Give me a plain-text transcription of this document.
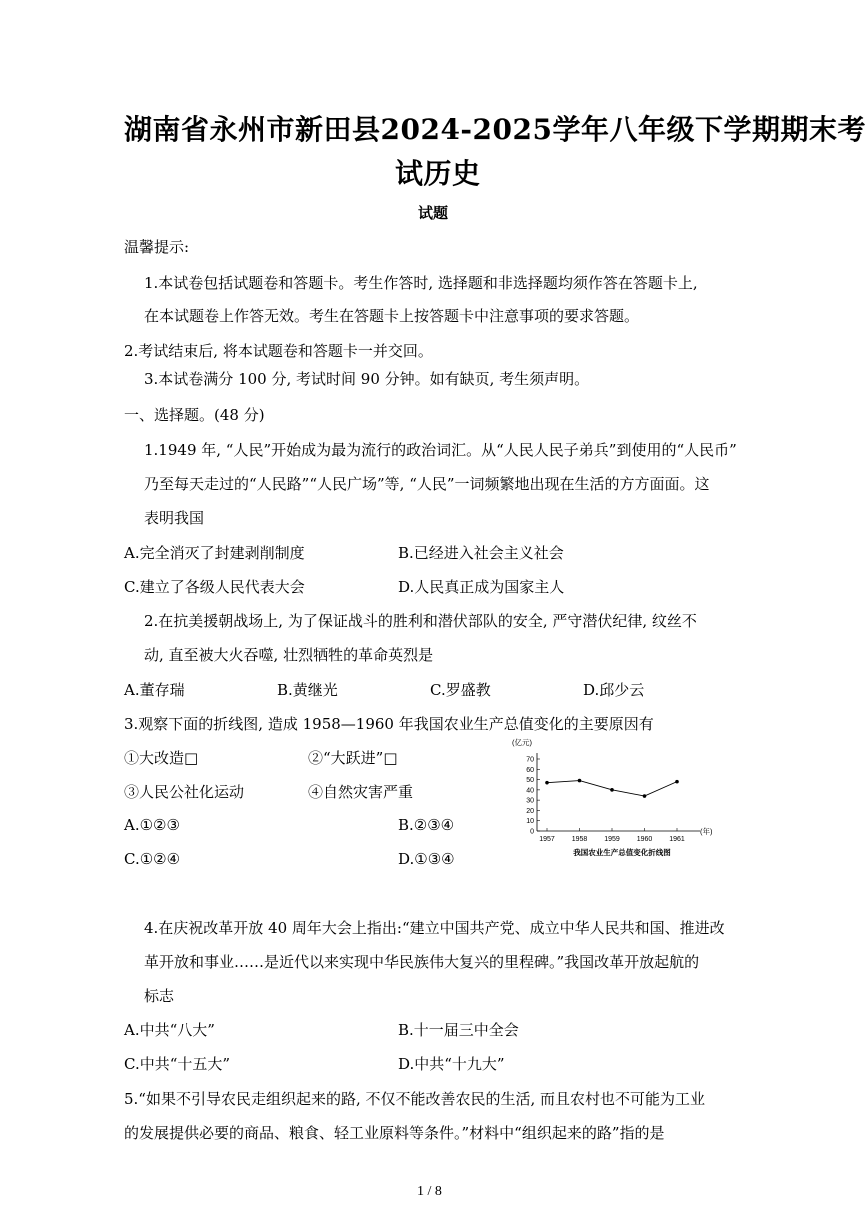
湖南省永州市新田县2024-2025学年八年级下学期期末考
试历史
试题
温馨提示:
1.本试卷包括试题卷和答题卡。考生作答时, 选择题和非选择题均须作答在答题卡上,
在本试题卷上作答无效。考生在答题卡上按答题卡中注意事项的要求答题。
2.考试结束后, 将本试题卷和答题卡一并交回。
3.本试卷满分 100 分, 考试时间 90 分钟。如有缺页, 考生须声明。
一、选择题。(48 分)
1.1949 年, “人民”开始成为最为流行的政治词汇。从“人民人民子弟兵”到使用的“人民币”
乃至每天走过的“人民路”“人民广场”等, “人民”一词频繁地出现在生活的方方面面。这
表明我国
A.完全消灭了封建剥削制度	B.已经进入社会主义社会
C.建立了各级人民代表大会	D.人民真正成为国家主人
2.在抗美援朝战场上, 为了保证战斗的胜利和潜伏部队的安全, 严守潜伏纪律, 纹丝不
动, 直至被大火吞噬, 壮烈牺牲的革命英烈是
A.董存瑞	B.黄继光	C.罗盛教	D.邱少云
3.观察下面的折线图, 造成 1958—1960 年我国农业生产总值变化的主要原因有
①大改造□	②“大跃进”□
③人民公社化运动	④自然灾害严重
A.①②③	B.②③④
C.①②④	D.①③④
(亿元)
(年)
我国农业生产总值变化折线图
0
10
20
30
40
50
60
70
1957 1958 1959 1960 1961
4.在庆祝改革开放 40 周年大会上指出:“建立中国共产党、成立中华人民共和国、推进改
革开放和事业……是近代以来实现中华民族伟大复兴的里程碑。”我国改革开放起航的
标志
A.中共“八大”	B.十一届三中全会
C.中共“十五大”	D.中共“十九大”
5.“如果不引导农民走组织起来的路, 不仅不能改善农民的生活, 而且农村也不可能为工业
的发展提供必要的商品、粮食、轻工业原料等条件。”材料中“组织起来的路”指的是
1 / 8
